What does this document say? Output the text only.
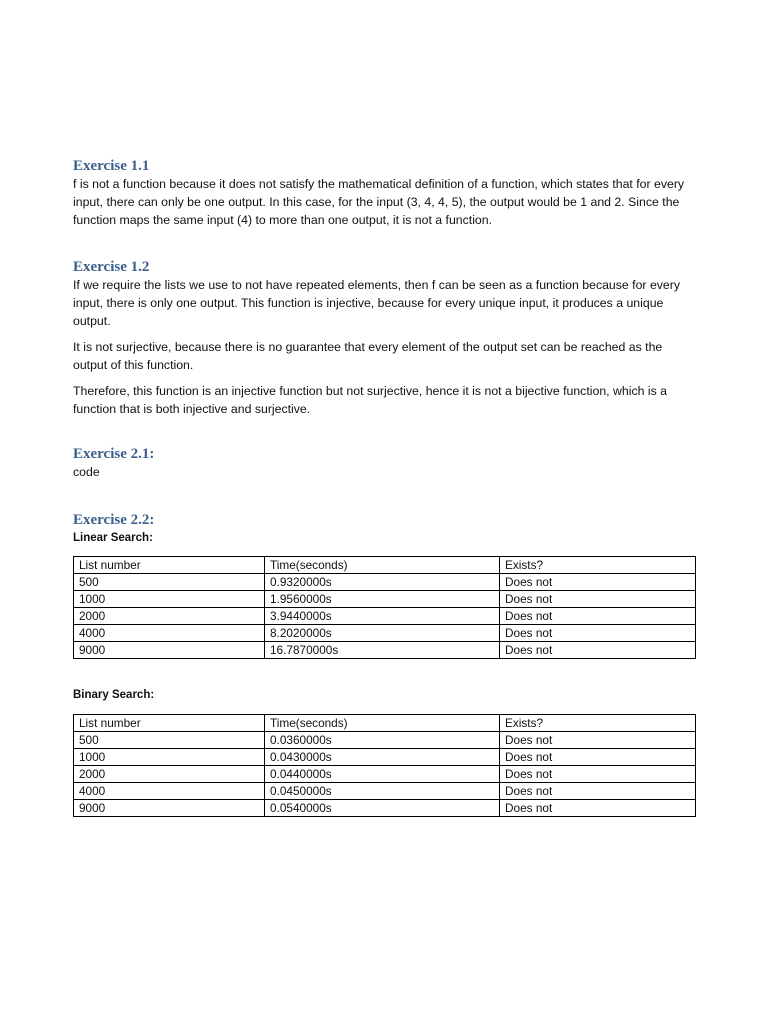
Exercise 1.1

f is not a function because it does not satisfy the mathematical definition of a function, which states that for every input, there can only be one output. In this case, for the input (3, 4, 4, 5), the output would be 1 and 2. Since the function maps the same input (4) to more than one output, it is not a function.

Exercise 1.2

If we require the lists we use to not have repeated elements, then f can be seen as a function because for every input, there is only one output. This function is injective, because for every unique input, it produces a unique output.

It is not surjective, because there is no guarantee that every element of the output set can be reached as the output of this function.

Therefore, this function is an injective function but not surjective, hence it is not a bijective function, which is a function that is both injective and surjective.

Exercise 2.1:

code

Exercise 2.2:
Linear Search:
List number	Time(seconds)	Exists?
500	0.9320000s	Does not
1000	1.9560000s	Does not
2000	3.9440000s	Does not
4000	8.2020000s	Does not
9000	16.7870000s	Does not
Binary Search:
List number	Time(seconds)	Exists?
500	0.0360000s	Does not
1000	0.0430000s	Does not
2000	0.0440000s	Does not
4000	0.0450000s	Does not
9000	0.0540000s	Does not
